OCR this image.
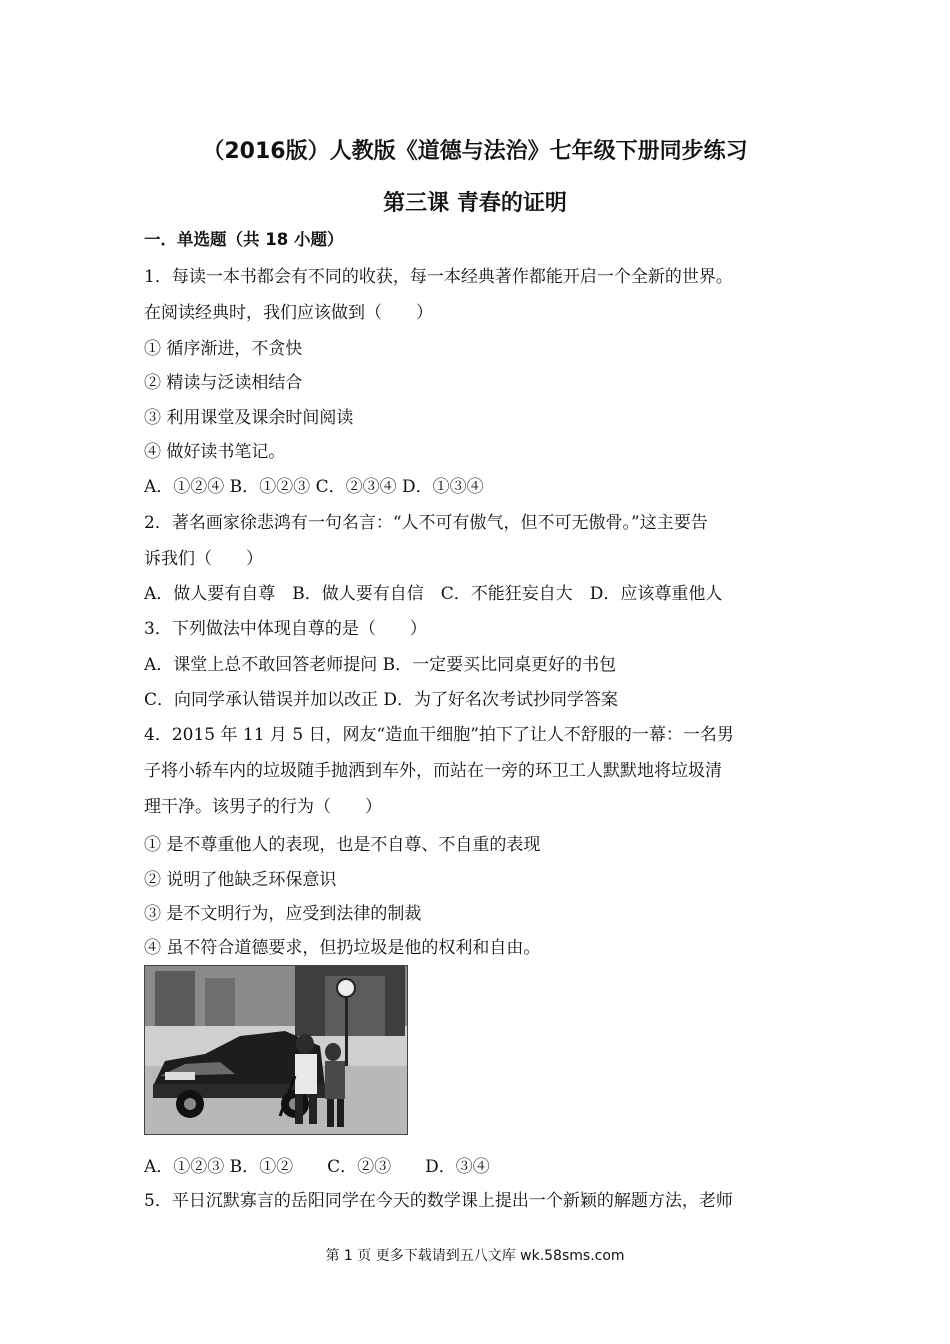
（2016版）人教版《道德与法治》七年级下册同步练习
第三课 青春的证明
一．单选题（共 18 小题）
1．每读一本书都会有不同的收获，每一本经典著作都能开启一个全新的世界。
在阅读经典时，我们应该做到（　　）
① 循序渐进，不贪快
② 精读与泛读相结合
③ 利用课堂及课余时间阅读
④ 做好读书笔记。
A．①②④ B．①②③ C．②③④ D．①③④
2．著名画家徐悲鸿有一句名言：“人不可有傲气，但不可无傲骨。”这主要告
诉我们（　　）
A．做人要有自尊　B．做人要有自信　C．不能狂妄自大　D．应该尊重他人
3．下列做法中体现自尊的是（　　）
A．课堂上总不敢回答老师提问 B．一定要买比同桌更好的书包
C．向同学承认错误并加以改正 D．为了好名次考试抄同学答案
4．2015 年 11 月 5 日，网友“造血干细胞”拍下了让人不舒服的一幕：一名男
子将小轿车内的垃圾随手抛洒到车外，而站在一旁的环卫工人默默地将垃圾清
理干净。该男子的行为（　　）
① 是不尊重他人的表现，也是不自尊、不自重的表现
② 说明了他缺乏环保意识
③ 是不文明行为，应受到法律的制裁
④ 虽不符合道德要求，但扔垃圾是他的权利和自由。
A．①②③ B．①②　　C．②③　　D．③④
5．平日沉默寡言的岳阳同学在今天的数学课上提出一个新颖的解题方法，老师
第 1 页 更多下载请到五八文库 wk.58sms.com
